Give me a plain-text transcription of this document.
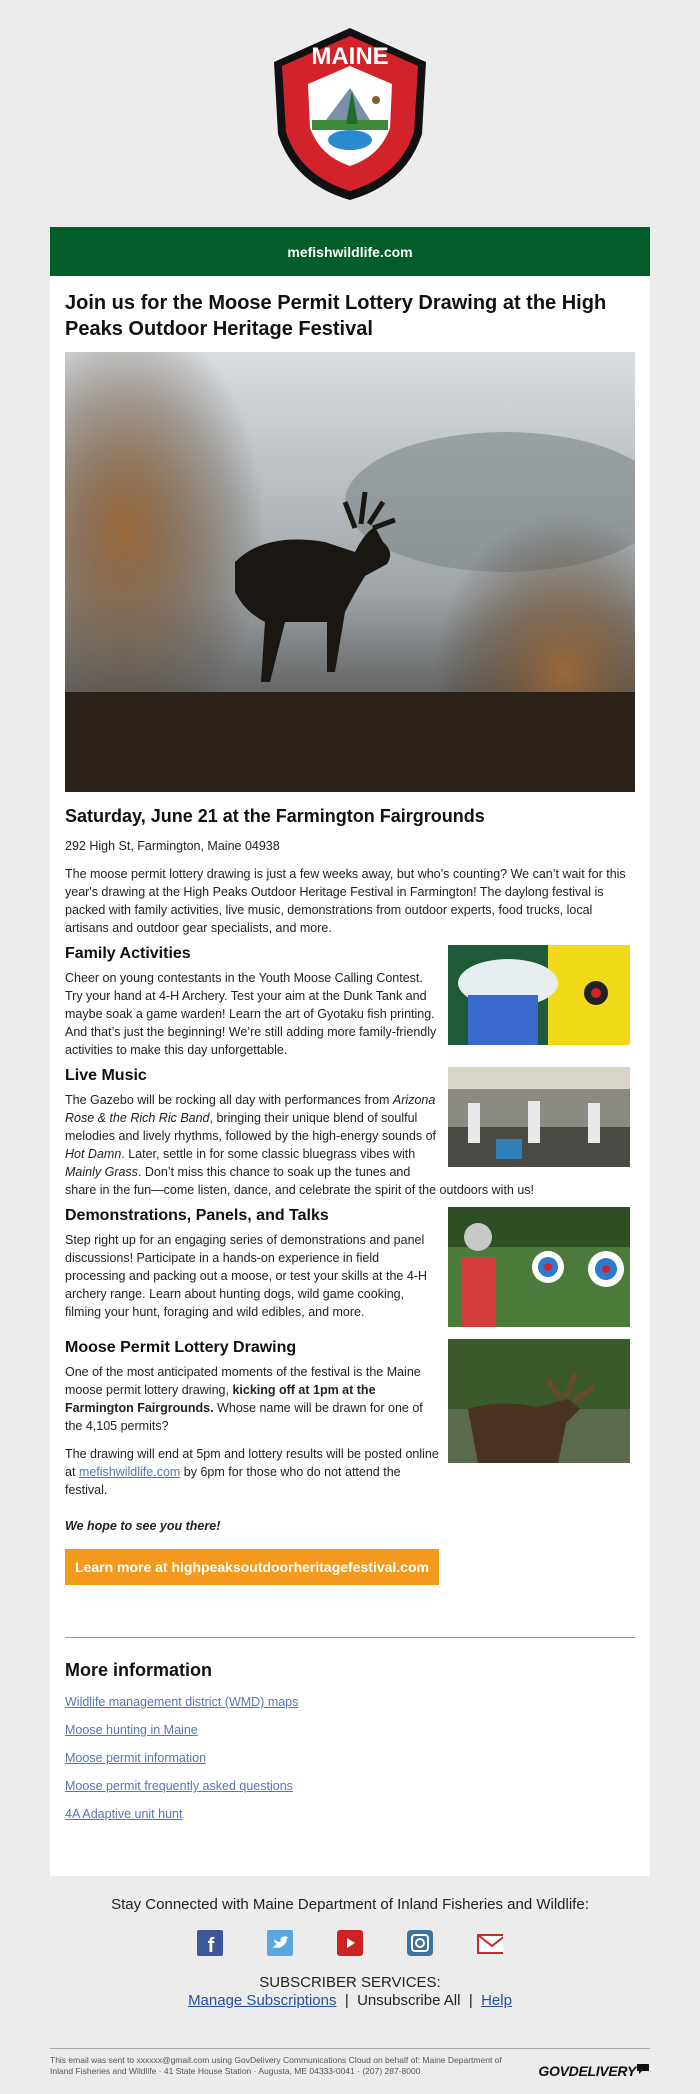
MAINE
mefishwildlife.com
Join us for the Moose Permit Lottery Drawing at the High Peaks Outdoor Heritage Festival
Saturday, June 21 at the Farmington Fairgrounds

292 High St, Farmington, Maine 04938

The moose permit lottery drawing is just a few weeks away, but who’s counting? We can’t wait for this year's drawing at the High Peaks Outdoor Heritage Festival in Farmington! The daylong festival is packed with family activities, live music, demonstrations from outdoor experts, food trucks, local artisans and outdoor gear specialists, and more.

Family Activities

Cheer on young contestants in the Youth Moose Calling Contest. Try your hand at 4-H Archery. Test your aim at the Dunk Tank and maybe soak a game warden! Learn the art of Gyotaku fish printing. And that’s just the beginning! We’re still adding more family-friendly activities to make this day unforgettable.

Live Music

The Gazebo will be rocking all day with performances from Arizona Rose & the Rich Ric Band, bringing their unique blend of soulful melodies and lively rhythms, followed by the high-energy sounds of Hot Damn. Later, settle in for some classic bluegrass vibes with Mainly Grass. Don’t miss this chance to soak up the tunes and share in the fun—come listen, dance, and celebrate the spirit of the outdoors with us!

Demonstrations, Panels, and Talks

Step right up for an engaging series of demonstrations and panel discussions! Participate in a hands-on experience in field processing and packing out a moose, or test your skills at the 4-H archery range. Learn about hunting dogs, wild game cooking, filming your hunt, foraging and wild edibles, and more.

Moose Permit Lottery Drawing

One of the most anticipated moments of the festival is the Maine moose permit lottery drawing, kicking off at 1pm at the Farmington Fairgrounds. Whose name will be drawn for one of the 4,105 permits?

The drawing will end at 5pm and lottery results will be posted online at mefishwildlife.com by 6pm for those who do not attend the festival.

We hope to see you there!

Learn more at highpeaksoutdoorheritagefestival.com
More information
Wildlife management district (WMD) maps
Moose hunting in Maine
Moose permit information
Moose permit frequently asked questions
4A Adaptive unit hunt

Stay Connected with Maine Department of Inland Fisheries and Wildlife:

f
SUBSCRIBER SERVICES:
Manage Subscriptions | Unsubscribe All | Help

This email was sent to xxxxxx@gmail.com using GovDelivery Communications Cloud on behalf of: Maine Department of Inland Fisheries and Wildlife · 41 State House Station · Augusta, ME 04333-0041 · (207) 287-8000	GOVDELIVERY
